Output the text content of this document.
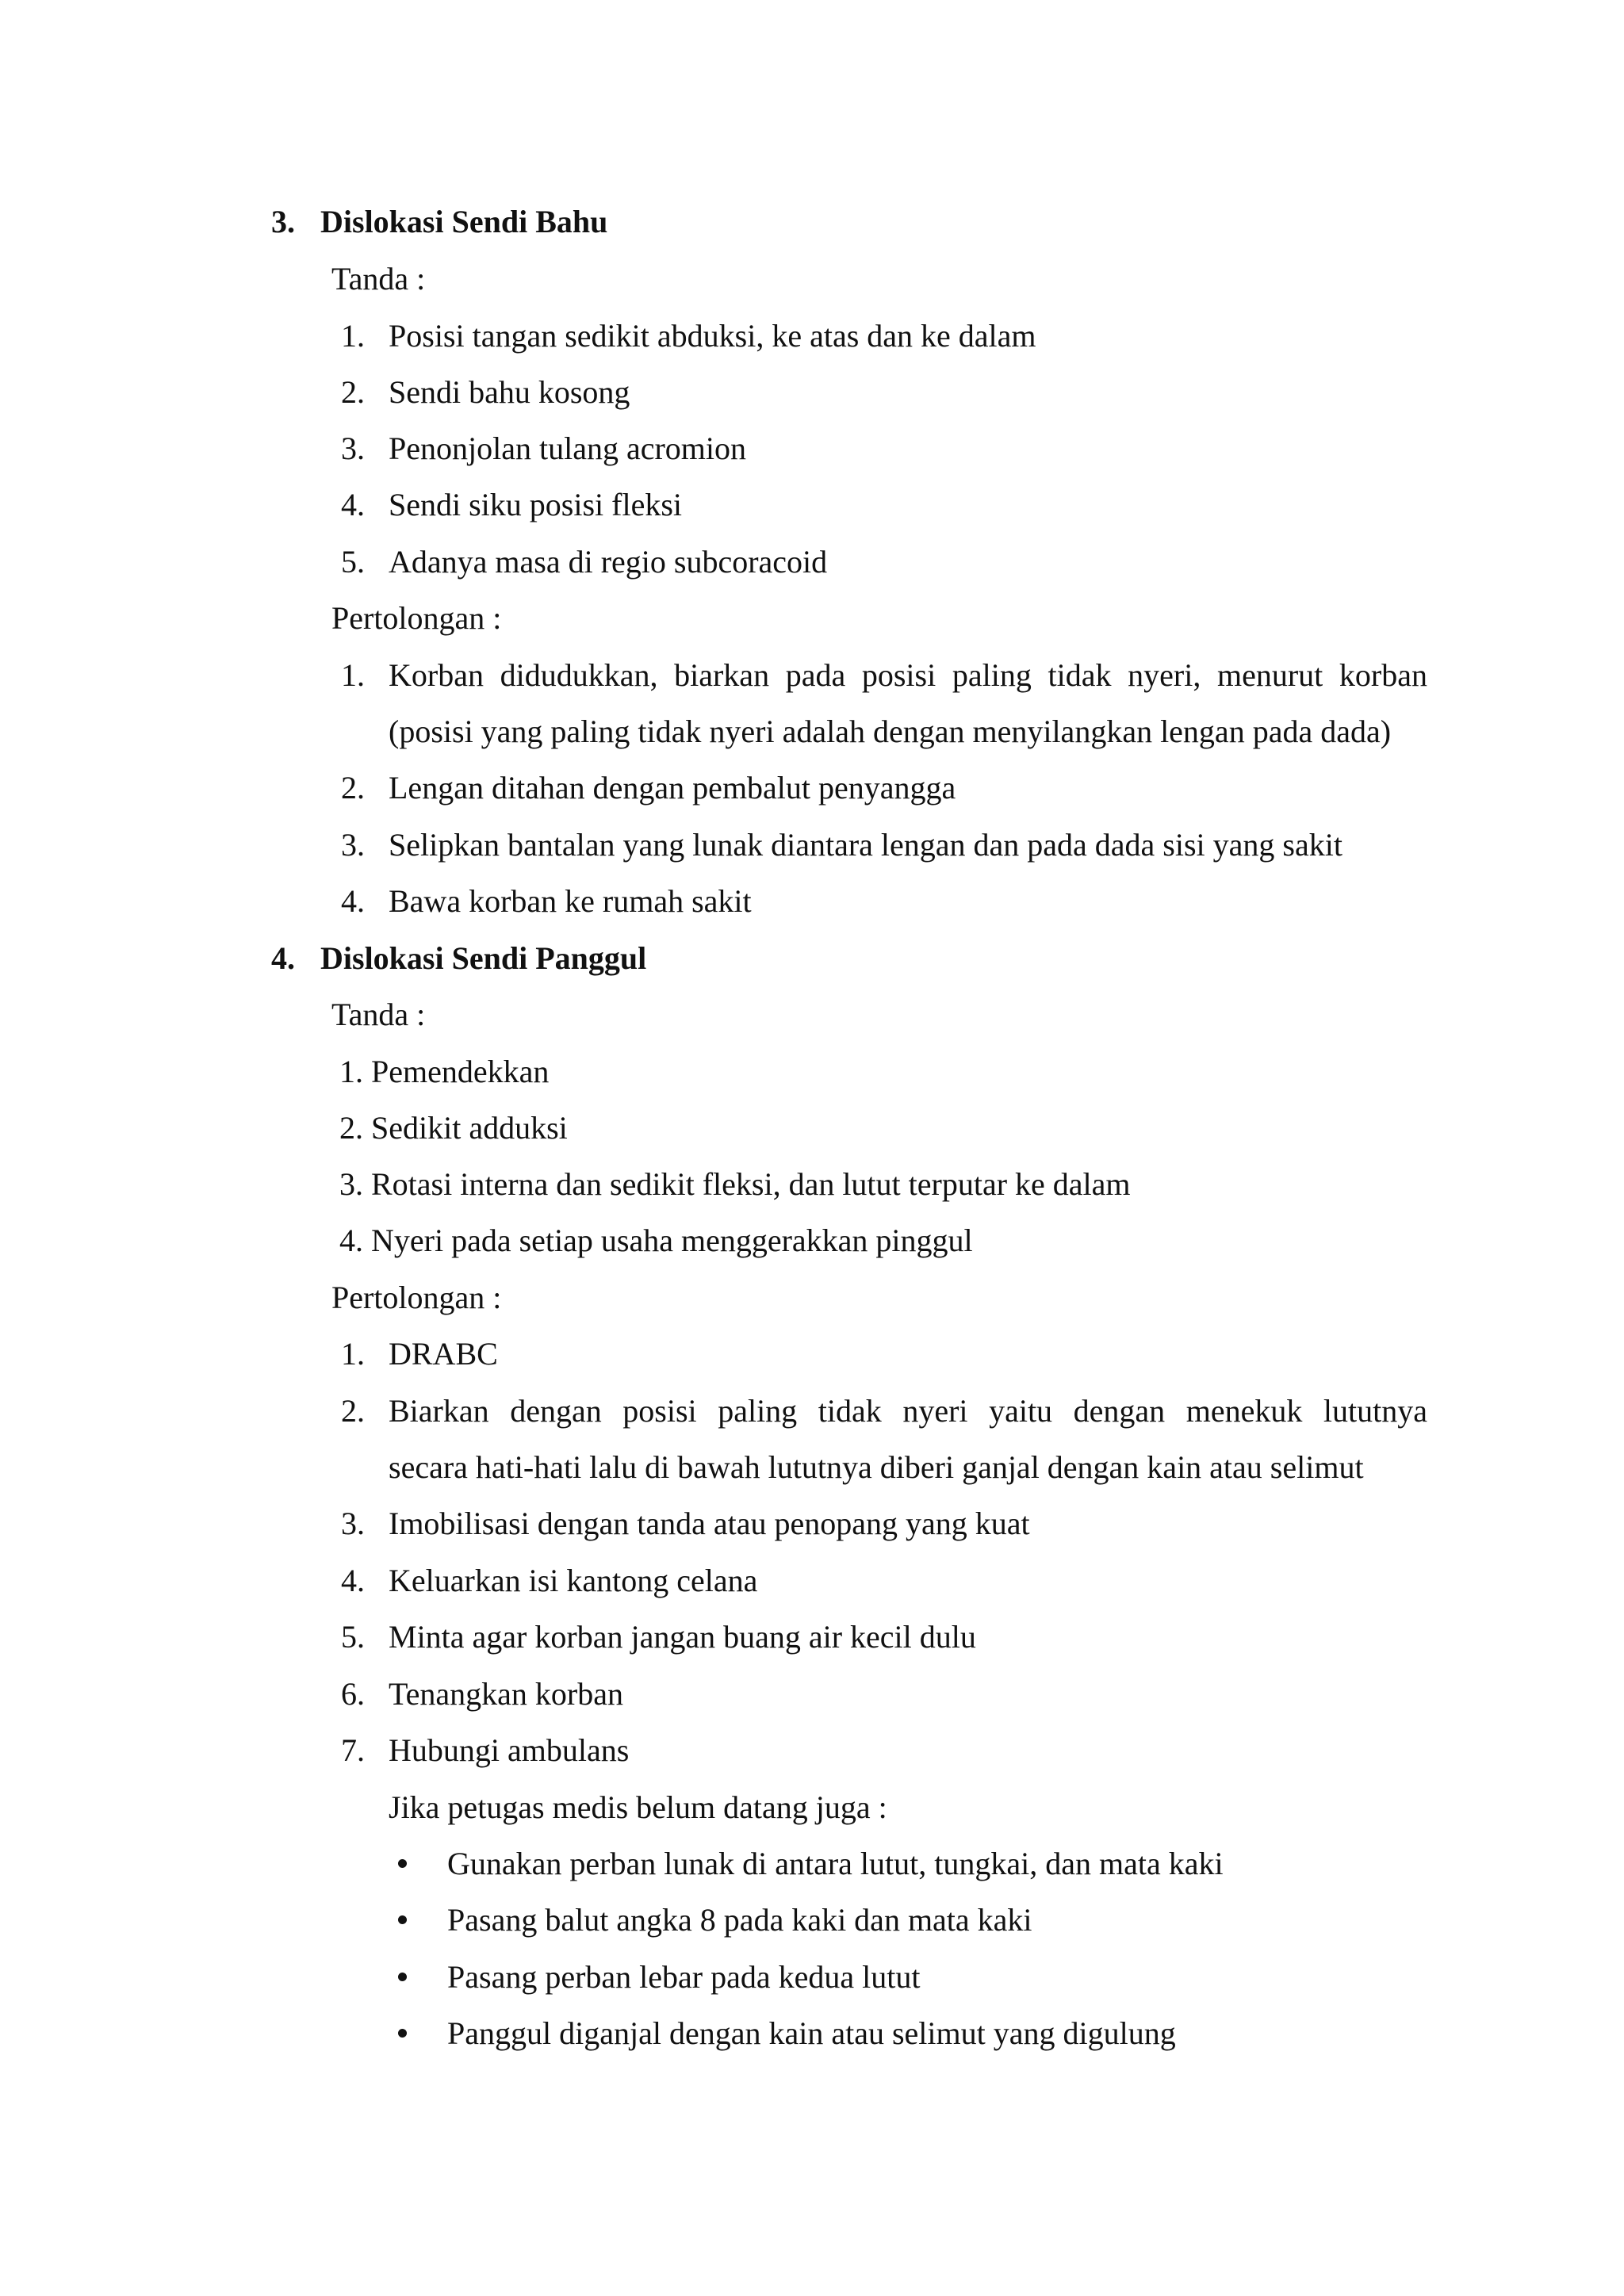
3. Dislokasi Sendi Bahu
Tanda :
1. Posisi tangan sedikit abduksi, ke atas dan ke dalam
2. Sendi bahu kosong
3. Penonjolan tulang acromion
4. Sendi siku posisi fleksi
5. Adanya masa di regio subcoracoid
Pertolongan :
1. Korban didudukkan, biarkan pada posisi paling tidak nyeri, menurut korban
(posisi yang paling tidak nyeri adalah dengan menyilangkan lengan pada dada)
2. Lengan ditahan dengan pembalut penyangga
3. Selipkan bantalan yang lunak diantara lengan dan pada dada sisi yang sakit
4. Bawa korban ke rumah sakit
4. Dislokasi Sendi Panggul
Tanda :
1. Pemendekkan
2. Sedikit adduksi
3. Rotasi interna dan sedikit fleksi, dan lutut terputar ke dalam
4. Nyeri pada setiap usaha menggerakkan pinggul
Pertolongan :
1. DRABC
2. Biarkan dengan posisi paling tidak nyeri yaitu dengan menekuk lututnya
secara hati-hati lalu di bawah lututnya diberi ganjal dengan kain atau selimut
3. Imobilisasi dengan tanda atau penopang yang kuat
4. Keluarkan isi kantong celana
5. Minta agar korban jangan buang air kecil dulu
6. Tenangkan korban
7. Hubungi ambulans
Jika petugas medis belum datang juga :
Gunakan perban lunak di antara lutut, tungkai, dan mata kaki
Pasang balut angka 8 pada kaki dan mata kaki
Pasang perban lebar pada kedua lutut
Panggul diganjal dengan kain atau selimut yang digulung
